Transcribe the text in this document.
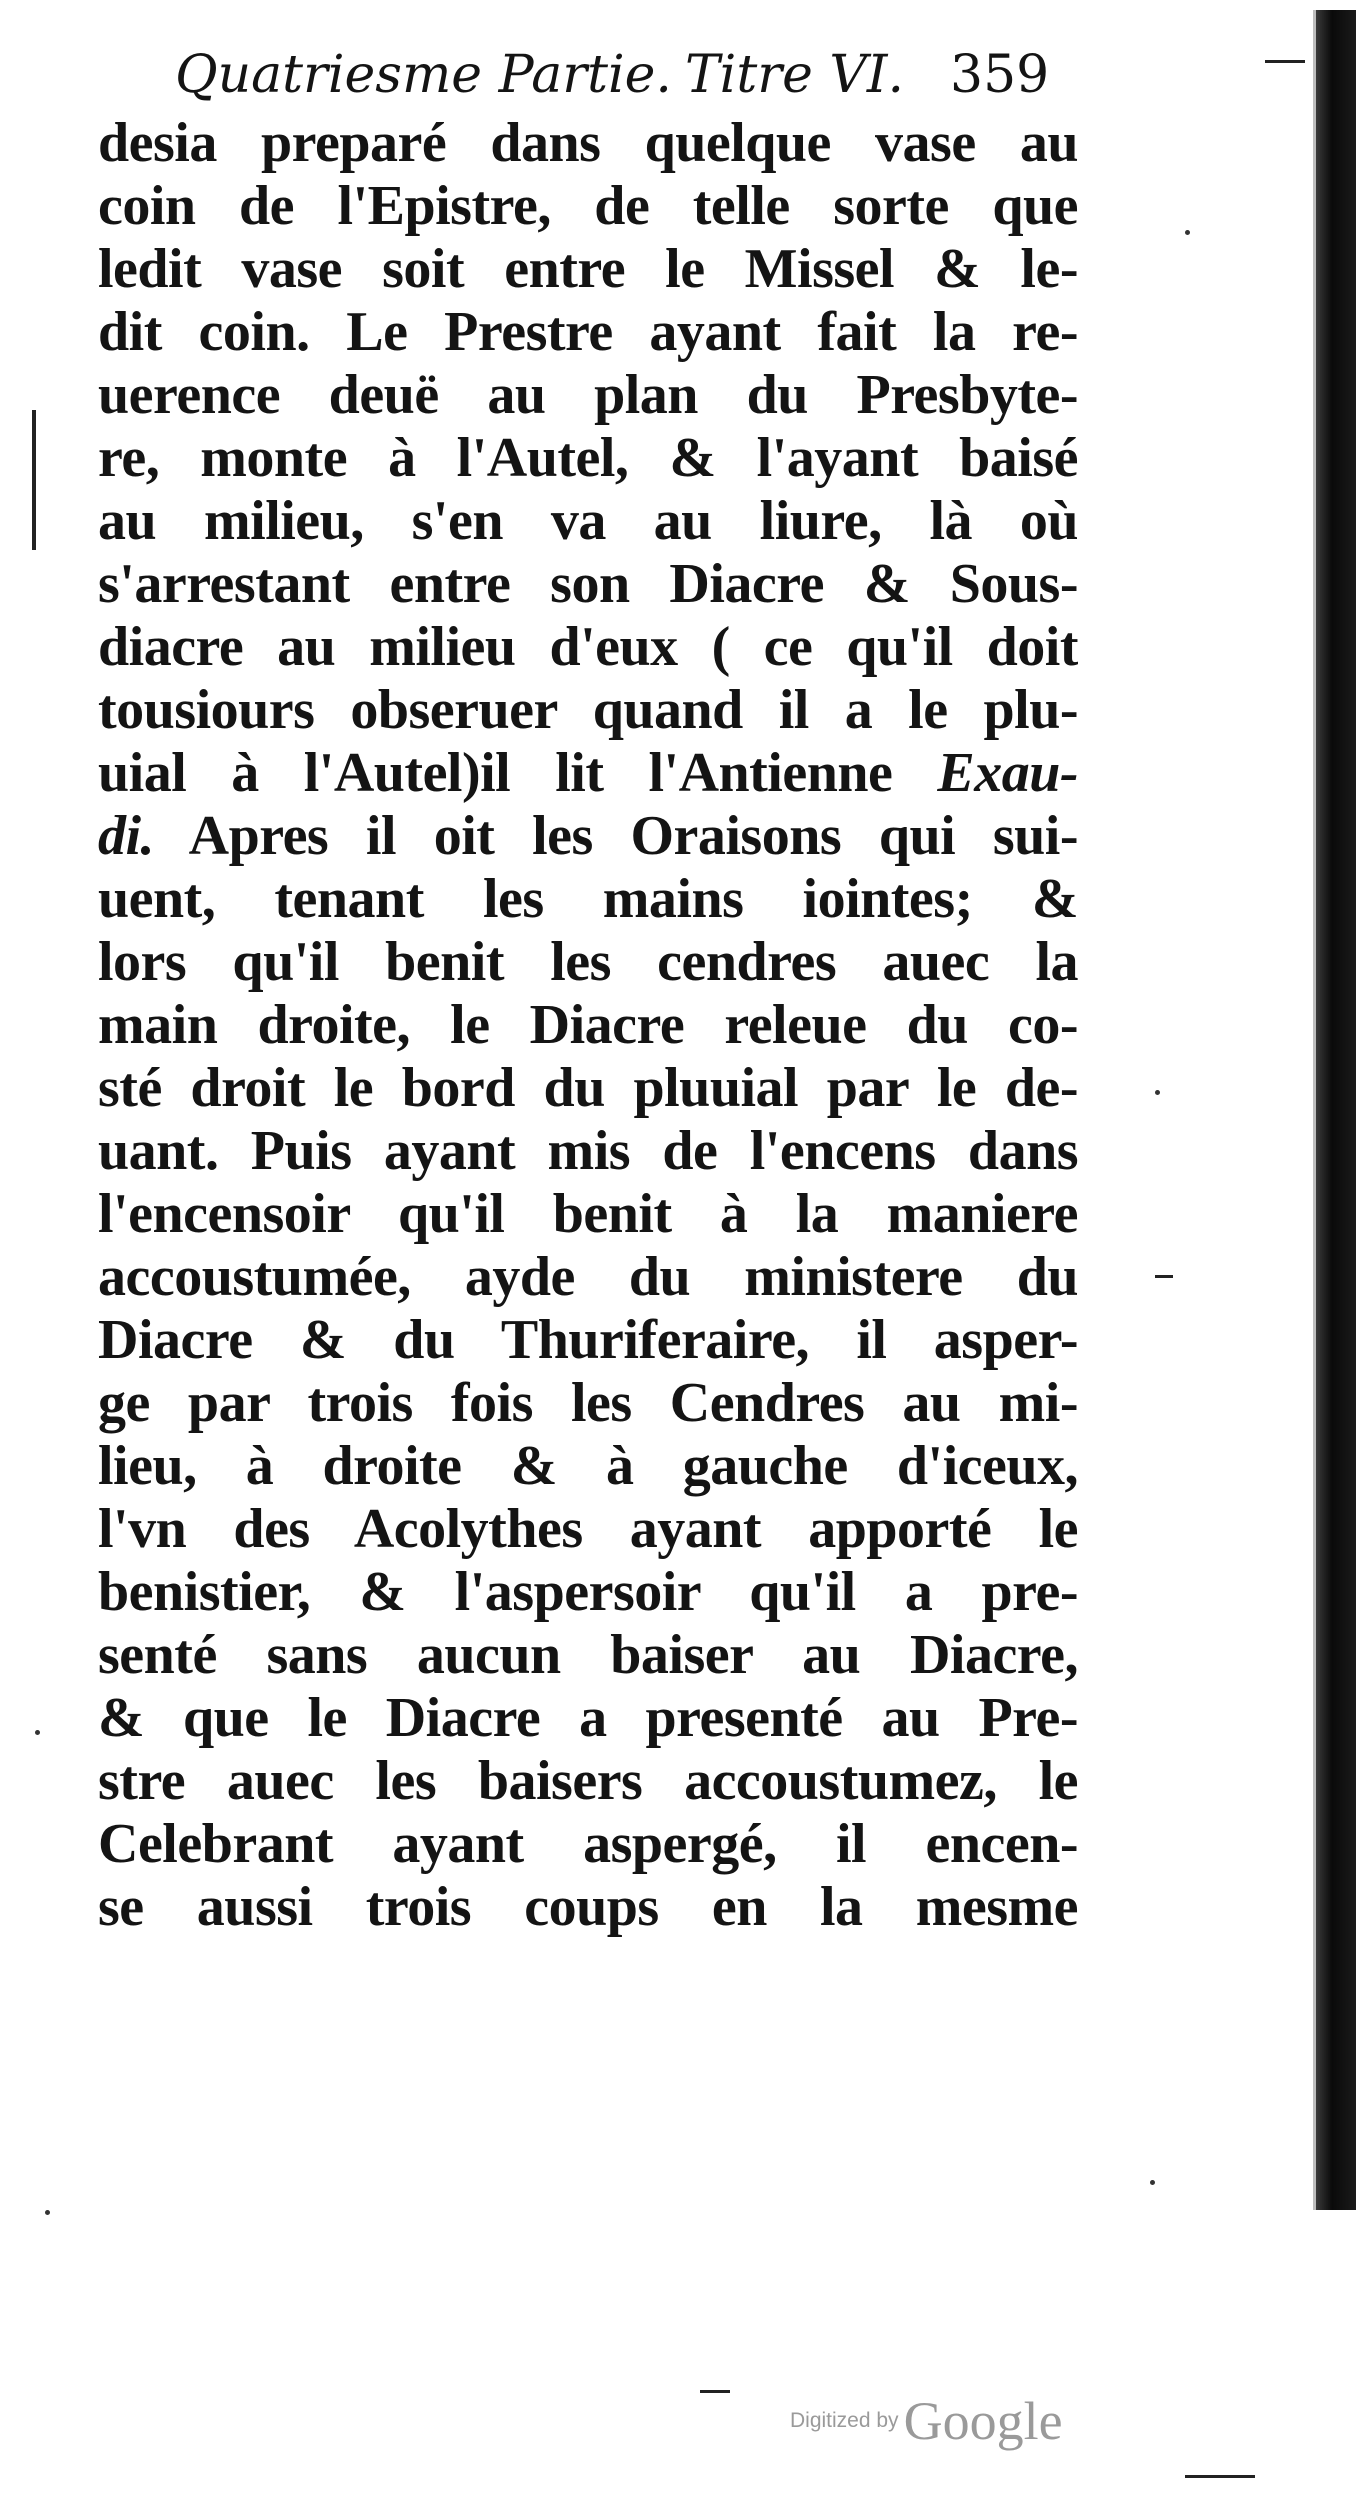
Quatriesme Partie. Titre VI. 359
desia preparé dans quelque vase au
coin de l'Epistre, de telle sorte que
ledit vase soit entre le Missel & le-
dit coin. Le Prestre ayant fait la re-
uerence deuë au plan du Presbyte-
re, monte à l'Autel, & l'ayant baisé
au milieu, s'en va au liure, là où
s'arrestant entre son Diacre & Sous-
diacre au milieu d'eux ( ce qu'il doit
tousiours obseruer quand il a le plu-
uial à l'Autel)il lit l'Antienne Exau-
di. Apres il oit les Oraisons qui sui-
uent, tenant les mains iointes; &
lors qu'il benit les cendres auec la
main droite, le Diacre releue du co-
sté droit le bord du pluuial par le de-
uant. Puis ayant mis de l'encens dans
l'encensoir qu'il benit à la maniere
accoustumée, ayde du ministere du
Diacre & du Thuriferaire, il asper-
ge par trois fois les Cendres au mi-
lieu, à droite & à gauche d'iceux,
l'vn des Acolythes ayant apporté le
benistier, & l'aspersoir qu'il a pre-
senté sans aucun baiser au Diacre,
& que le Diacre a presenté au Pre-
stre auec les baisers accoustumez, le
Celebrant ayant aspergé, il encen-
se aussi trois coups en la mesme
Digitized by Google
